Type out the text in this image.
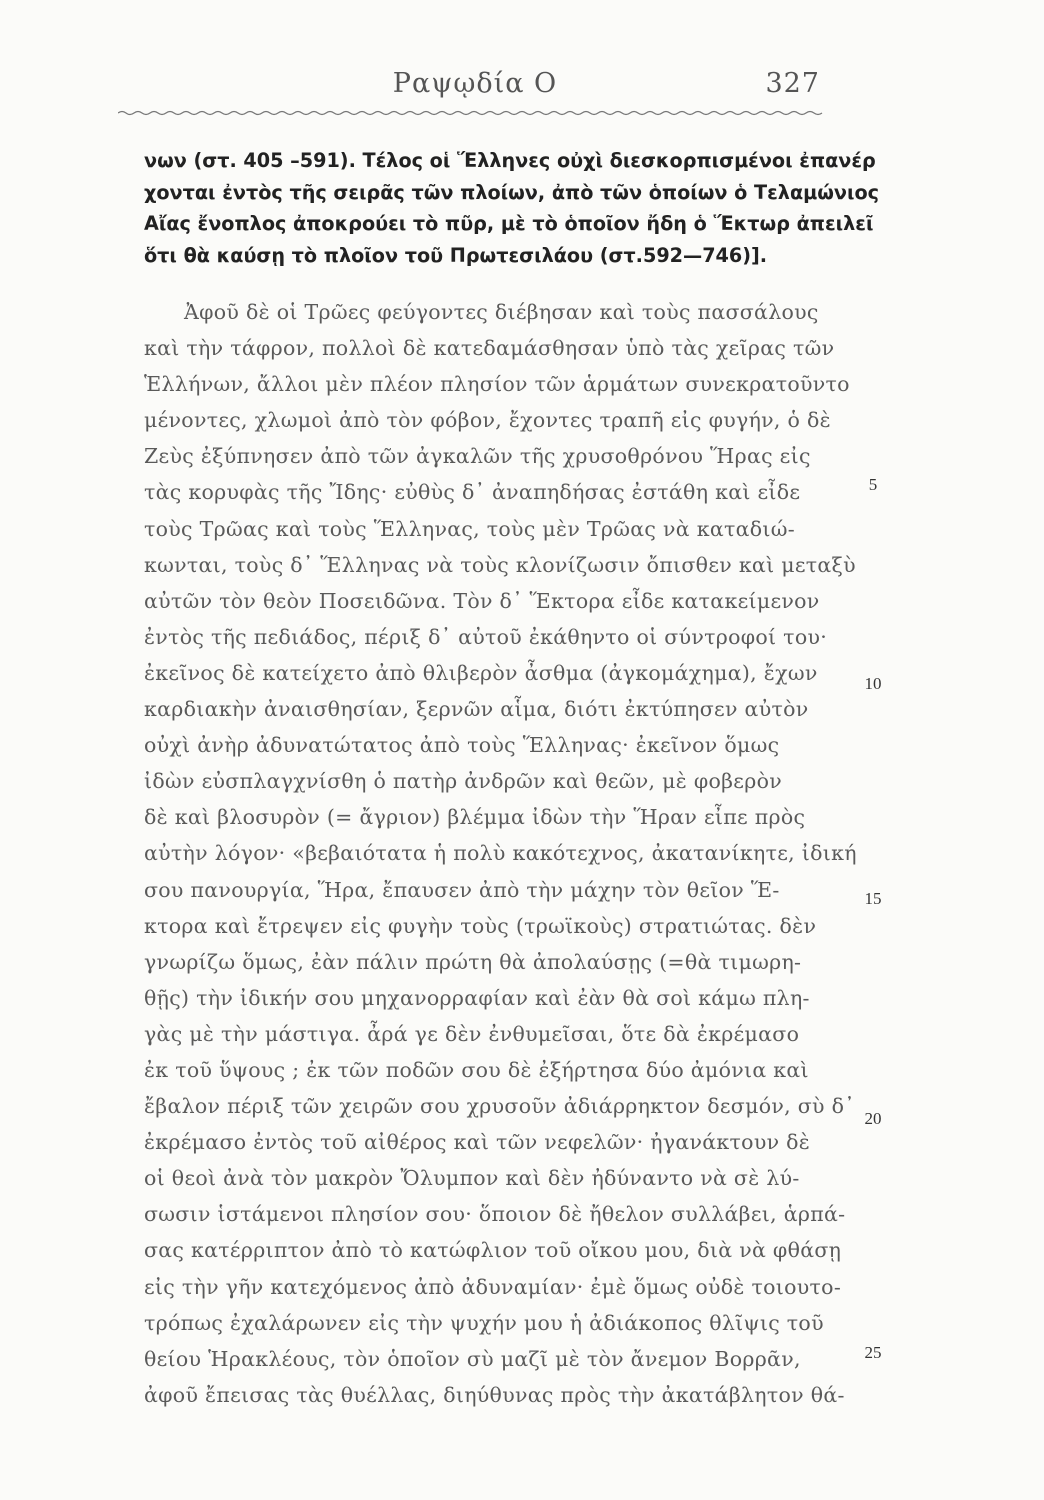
Ραψῳδία Ο	327
νων (στ. 405 –591). Τέλος οἱ Ἕλληνες οὐχὶ διεσκορπισμένοι ἐπανέρ
χονται ἐντὸς τῆς σειρᾶς τῶν πλοίων, ἀπὸ τῶν ὁποίων ὁ Τελαμώνιος
Αἴας ἔνοπλος ἀποκρούει τὸ πῦρ, μὲ τὸ ὁποῖον ἤδη ὁ Ἕκτωρ ἀπειλεῖ
ὅτι θὰ καύσῃ τὸ πλοῖον τοῦ Πρωτεσιλάου (στ.592—746)].
Ἀφοῦ δὲ οἱ Τρῶες φεύγοντες διέβησαν καὶ τοὺς πασσάλους
καὶ τὴν τάφρον, πολλοὶ δὲ κατεδαμάσθησαν ὑπὸ τὰς χεῖρας τῶν
Ἑλλήνων, ἄλλοι μὲν πλέον πλησίον τῶν ἁρμάτων συνεκρατοῦντο
μένοντες, χλωμοὶ ἀπὸ τὸν φόβον, ἔχοντες τραπῆ εἰς φυγήν, ὁ δὲ
Ζεὺς ἐξύπνησεν ἀπὸ τῶν ἀγκαλῶν τῆς χρυσοθρόνου Ἥρας εἰς
τὰς κορυφὰς τῆς Ἴδης· εὐθὺς δ᾽ ἀναπηδήσας ἐστάθη καὶ εἶδε
τοὺς Τρῶας καὶ τοὺς Ἕλληνας, τοὺς μὲν Τρῶας νὰ καταδιώ-
κωνται, τοὺς δ᾽ Ἕλληνας νὰ τοὺς κλονίζωσιν ὄπισθεν καὶ μεταξὺ
αὐτῶν τὸν θεὸν Ποσειδῶνα. Τὸν δ᾽ Ἕκτορα εἶδε κατακείμενον
ἐντὸς τῆς πεδιάδος, πέριξ δ᾽ αὐτοῦ ἐκάθηντο οἱ σύντροφοί του·
ἐκεῖνος δὲ κατείχετο ἀπὸ θλιβερὸν ἆσθμα (ἀγκομάχημα), ἔχων
καρδιακὴν ἀναισθησίαν, ξερνῶν αἷμα, διότι ἐκτύπησεν αὐτὸν
οὐχὶ ἀνὴρ ἀδυνατώτατος ἀπὸ τοὺς Ἕλληνας· ἐκεῖνον ὅμως
ἰδὼν εὐσπλαγχνίσθη ὁ πατὴρ ἀνδρῶν καὶ θεῶν, μὲ φοβερὸν
δὲ καὶ βλοσυρὸν (= ἄγριον) βλέμμα ἰδὼν τὴν Ἥραν εἶπε πρὸς
αὐτὴν λόγον· «βεβαιότατα ἡ πολὺ κακότεχνος, ἀκατανίκητε, ἰδική
σου πανουργία, Ἥρα, ἔπαυσεν ἀπὸ τὴν μάχην τὸν θεῖον Ἕ-
κτορα καὶ ἔτρεψεν εἰς φυγὴν τοὺς (τρωϊκοὺς) στρατιώτας. δὲν
γνωρίζω ὅμως, ἐὰν πάλιν πρώτη θὰ ἀπολαύσῃς (=θὰ τιμωρη-
θῇς) τὴν ἰδικήν σου μηχανορραφίαν καὶ ἐὰν θὰ σοὶ κάμω πλη-
γὰς μὲ τὴν μάστιγα. ἆρά γε δὲν ἐνθυμεῖσαι, ὅτε δὰ ἐκρέμασο
ἐκ τοῦ ὕψους ; ἐκ τῶν ποδῶν σου δὲ ἐξήρτησα δύο ἀμόνια καὶ
ἔβαλον πέριξ τῶν χειρῶν σου χρυσοῦν ἀδιάρρηκτον δεσμόν, σὺ δ᾽
ἐκρέμασο ἐντὸς τοῦ αἰθέρος καὶ τῶν νεφελῶν· ἠγανάκτουν δὲ
οἱ θεοὶ ἀνὰ τὸν μακρὸν Ὄλυμπον καὶ δὲν ἠδύναντο νὰ σὲ λύ-
σωσιν ἱστάμενοι πλησίον σου· ὅποιον δὲ ἤθελον συλλάβει, ἁρπά-
σας κατέρριπτον ἀπὸ τὸ κατώφλιον τοῦ οἴκου μου, διὰ νὰ φθάσῃ
εἰς τὴν γῆν κατεχόμενος ἀπὸ ἀδυναμίαν· ἐμὲ ὅμως οὐδὲ τοιουτο-
τρόπως ἐχαλάρωνεν εἰς τὴν ψυχήν μου ἡ ἀδιάκοπος θλῖψις τοῦ
θείου Ἡρακλέους, τὸν ὁποῖον σὺ μαζῖ μὲ τὸν ἄνεμον Βορρᾶν,
ἀφοῦ ἔπεισας τὰς θυέλλας, διηύθυνας πρὸς τὴν ἀκατάβλητον θά-
5
10
15
20
25
